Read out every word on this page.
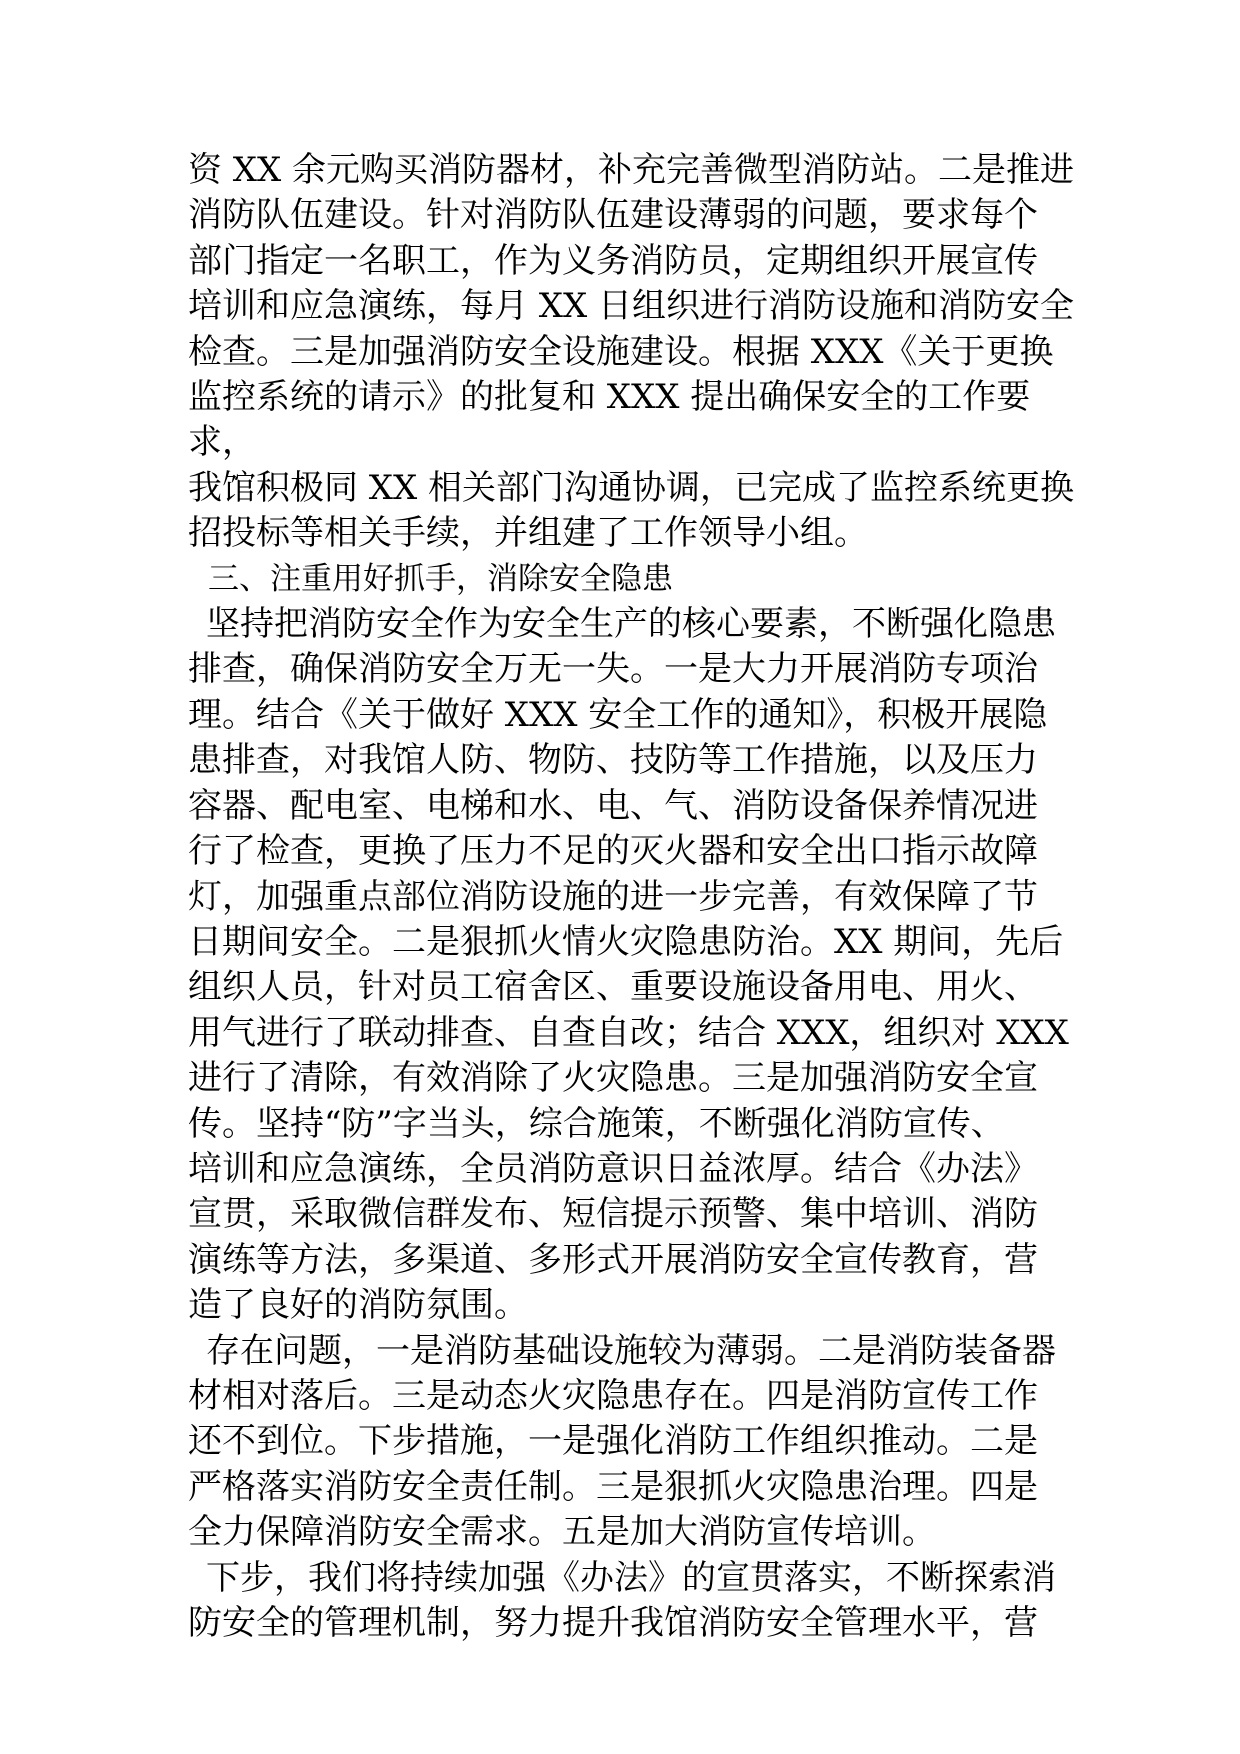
资 XX 余元购买消防器材，补充完善微型消防站。二是推进

消防队伍建设。针对消防队伍建设薄弱的问题，要求每个

部门指定一名职工，作为义务消防员，定期组织开展宣传

培训和应急演练，每月 XX 日组织进行消防设施和消防安全

检查。三是加强消防安全设施建设。根据 XXX《关于更换

监控系统的请示》的批复和 XXX 提出确保安全的工作要求，

我馆积极同 XX 相关部门沟通协调，已完成了监控系统更换

招投标等相关手续，并组建了工作领导小组。

三、注重用好抓手，消除安全隐患

坚持把消防安全作为安全生产的核心要素，不断强化隐患

排查，确保消防安全万无一失。一是大力开展消防专项治

理。结合《关于做好 XXX 安全工作的通知》，积极开展隐

患排查，对我馆人防、物防、技防等工作措施，以及压力

容器、配电室、电梯和水、电、气、消防设备保养情况进

行了检查，更换了压力不足的灭火器和安全出口指示故障

灯，加强重点部位消防设施的进一步完善，有效保障了节

日期间安全。二是狠抓火情火灾隐患防治。XX 期间，先后

组织人员，针对员工宿舍区、重要设施设备用电、用火、

用气进行了联动排查、自查自改；结合 XXX，组织对 XXX

进行了清除，有效消除了火灾隐患。三是加强消防安全宣

传。坚持“防”字当头，综合施策，不断强化消防宣传、

培训和应急演练，全员消防意识日益浓厚。结合《办法》

宣贯，采取微信群发布、短信提示预警、集中培训、消防

演练等方法，多渠道、多形式开展消防安全宣传教育，营

造了良好的消防氛围。

存在问题，一是消防基础设施较为薄弱。二是消防装备器

材相对落后。三是动态火灾隐患存在。四是消防宣传工作

还不到位。下步措施，一是强化消防工作组织推动。二是

严格落实消防安全责任制。三是狠抓火灾隐患治理。四是

全力保障消防安全需求。五是加大消防宣传培训。

下步，我们将持续加强《办法》的宣贯落实，不断探索消

防安全的管理机制，努力提升我馆消防安全管理水平，营
